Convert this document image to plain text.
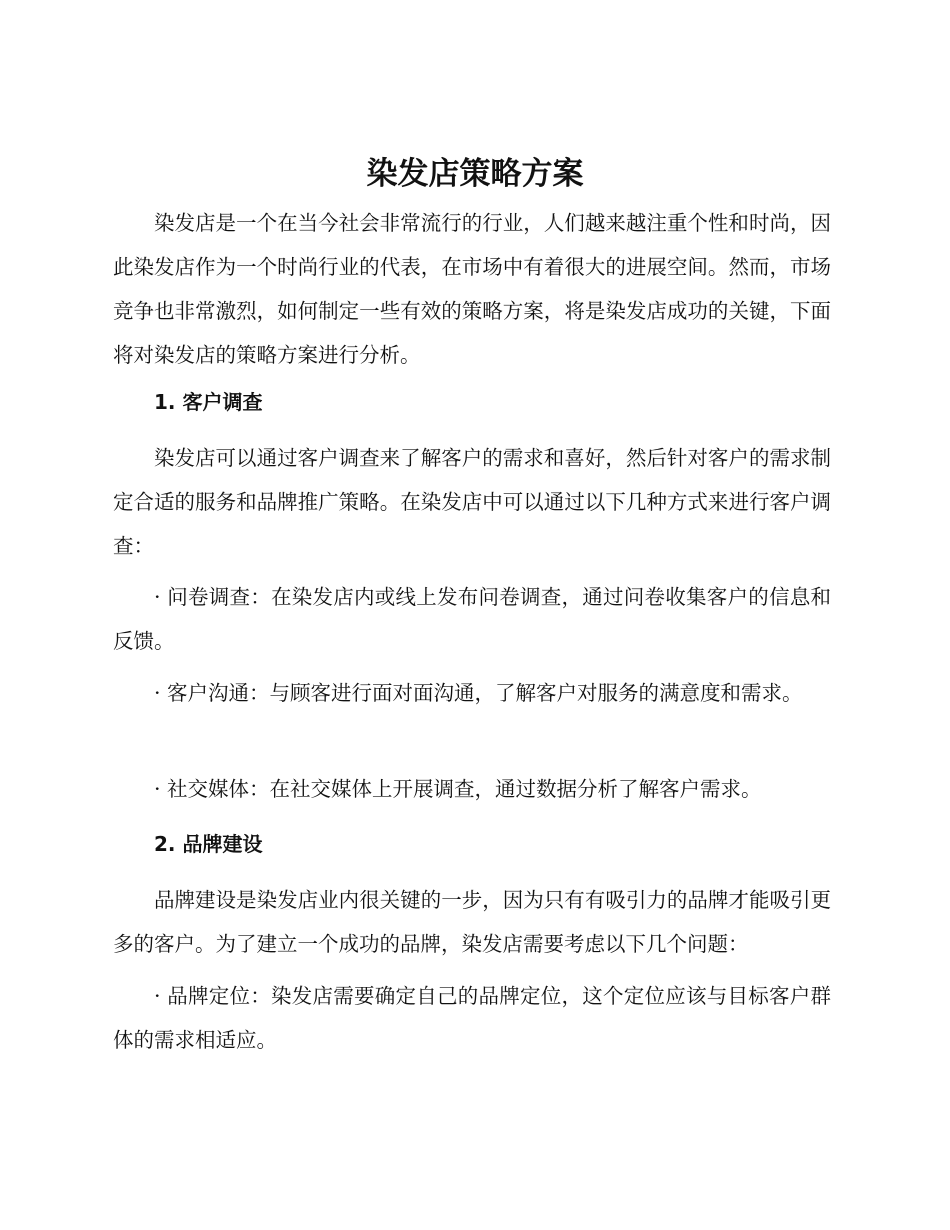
染发店策略方案

染发店是一个在当今社会非常流行的行业，人们越来越注重个性和时尚，因此染发店作为一个时尚行业的代表，在市场中有着很大的进展空间。然而，市场竞争也非常激烈，如何制定一些有效的策略方案，将是染发店成功的关键，下面将对染发店的策略方案进行分析。

1. 客户调查

染发店可以通过客户调查来了解客户的需求和喜好，然后针对客户的需求制定合适的服务和品牌推广策略。在染发店中可以通过以下几种方式来进行客户调查：

· 问卷调查：在染发店内或线上发布问卷调查，通过问卷收集客户的信息和反馈。

· 客户沟通：与顾客进行面对面沟通，了解客户对服务的满意度和需求。

· 社交媒体：在社交媒体上开展调查，通过数据分析了解客户需求。

2. 品牌建设

品牌建设是染发店业内很关键的一步，因为只有有吸引力的品牌才能吸引更多的客户。为了建立一个成功的品牌，染发店需要考虑以下几个问题：

· 品牌定位：染发店需要确定自己的品牌定位，这个定位应该与目标客户群体的需求相适应。
